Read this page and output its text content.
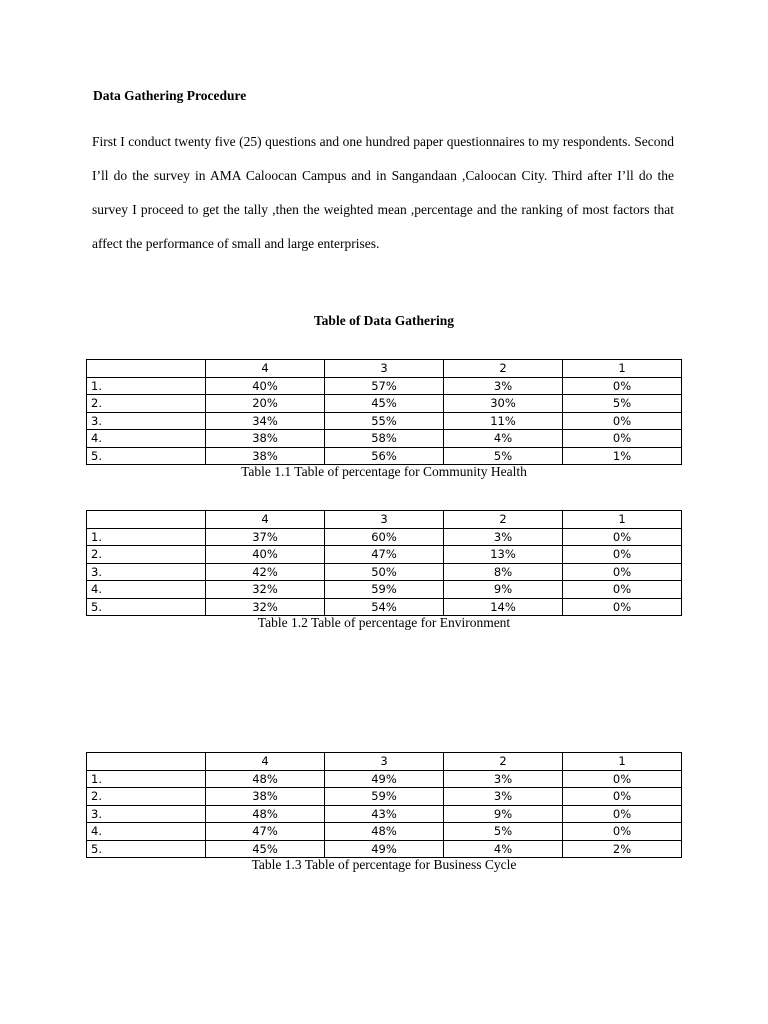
Data Gathering Procedure

First I conduct twenty five (25) questions and one hundred paper questionnaires to my respondents. Second I’ll do the survey in AMA Caloocan Campus and in Sangandaan ,Caloocan City. Third after I’ll do the survey I proceed to get the tally ,then the weighted mean ,percentage and the ranking of most factors that affect the performance of small and large enterprises.

Table of Data Gathering
	4	3	2	1
1.	40%	57%	3%	0%
2.	20%	45%	30%	5%
3.	34%	55%	11%	0%
4.	38%	58%	4%	0%
5.	38%	56%	5%	1%

Table 1.1 Table of percentage for Community Health

	4	3	2	1
1.	37%	60%	3%	0%
2.	40%	47%	13%	0%
3.	42%	50%	8%	0%
4.	32%	59%	9%	0%
5.	32%	54%	14%	0%

Table 1.2 Table of percentage for Environment

	4	3	2	1
1.	48%	49%	3%	0%
2.	38%	59%	3%	0%
3.	48%	43%	9%	0%
4.	47%	48%	5%	0%
5.	45%	49%	4%	2%

Table 1.3 Table of percentage for Business Cycle
